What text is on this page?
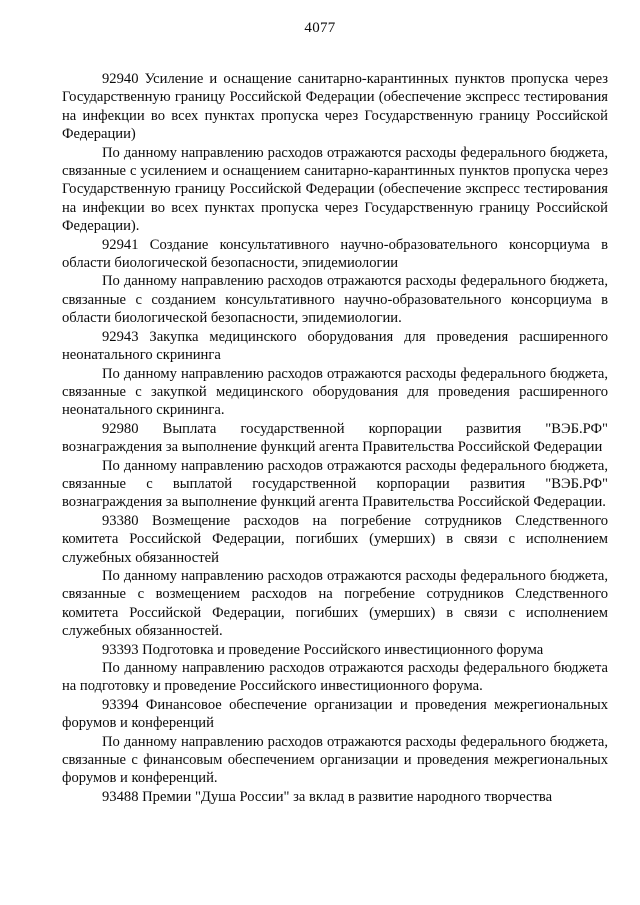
4077

92940 Усиление и оснащение санитарно-карантинных пунктов пропуска через Государственную границу Российской Федерации (обеспечение экспресс тестирования на инфекции во всех пунктах пропуска через Государственную границу Российской Федерации)

По данному направлению расходов отражаются расходы федерального бюджета, связанные с усилением и оснащением санитарно-карантинных пунктов пропуска через Государственную границу Российской Федерации (обеспечение экспресс тестирования на инфекции во всех пунктах пропуска через Государственную границу Российской Федерации).

92941 Создание консультативного научно-образовательного консорциума в области биологической безопасности, эпидемиологии

По данному направлению расходов отражаются расходы федерального бюджета, связанные с созданием консультативного научно-образовательного консорциума в области биологической безопасности, эпидемиологии.

92943 Закупка медицинского оборудования для проведения расширенного неонатального скрининга

По данному направлению расходов отражаются расходы федерального бюджета, связанные с закупкой медицинского оборудования для проведения расширенного неонатального скрининга.

92980 Выплата государственной корпорации развития "ВЭБ.РФ" вознаграждения за выполнение функций агента Правительства Российской Федерации

По данному направлению расходов отражаются расходы федерального бюджета, связанные с выплатой государственной корпорации развития "ВЭБ.РФ" вознаграждения за выполнение функций агента Правительства Российской Федерации.

93380 Возмещение расходов на погребение сотрудников Следственного комитета Российской Федерации, погибших (умерших) в связи с исполнением служебных обязанностей

По данному направлению расходов отражаются расходы федерального бюджета, связанные с возмещением расходов на погребение сотрудников Следственного комитета Российской Федерации, погибших (умерших) в связи с исполнением служебных обязанностей.

93393 Подготовка и проведение Российского инвестиционного форума

По данному направлению расходов отражаются расходы федерального бюджета на подготовку и проведение Российского инвестиционного форума.

93394 Финансовое обеспечение организации и проведения межрегиональных форумов и конференций

По данному направлению расходов отражаются расходы федерального бюджета, связанные с финансовым обеспечением организации и проведения межрегиональных форумов и конференций.

93488 Премии "Душа России" за вклад в развитие народного творчества
